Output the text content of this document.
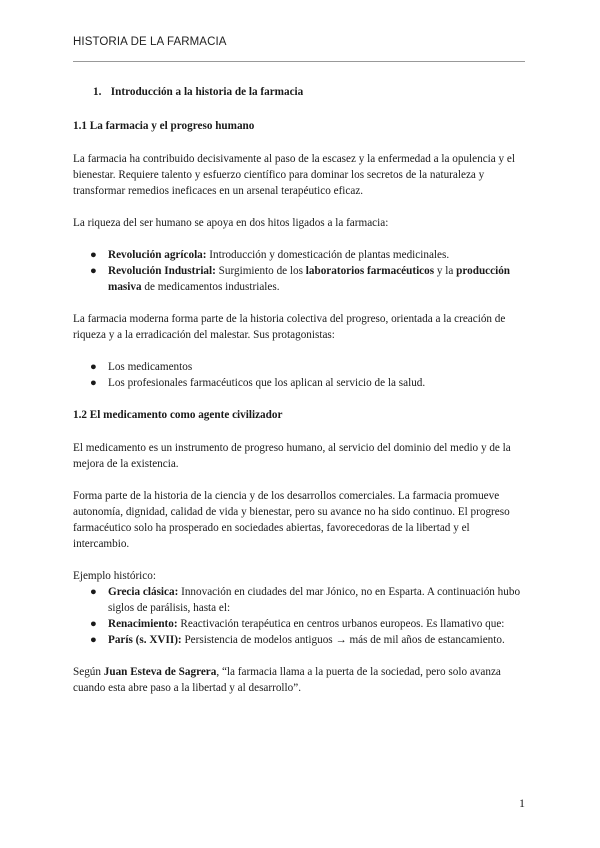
HISTORIA DE LA FARMACIA
1. Introducción a la historia de la farmacia
1.1 La farmacia y el progreso humano

La farmacia ha contribuido decisivamente al paso de la escasez y la enfermedad a la opulencia y el bienestar. Requiere talento y esfuerzo científico para dominar los secretos de la naturaleza y transformar remedios ineficaces en un arsenal terapéutico eficaz.

La riqueza del ser humano se apoya en dos hitos ligados a la farmacia:

● Revolución agrícola: Introducción y domesticación de plantas medicinales.
● Revolución Industrial: Surgimiento de los laboratorios farmacéuticos y la producción masiva de medicamentos industriales.

La farmacia moderna forma parte de la historia colectiva del progreso, orientada a la creación de riqueza y a la erradicación del malestar. Sus protagonistas:

● Los medicamentos
● Los profesionales farmacéuticos que los aplican al servicio de la salud.
1.2 El medicamento como agente civilizador

El medicamento es un instrumento de progreso humano, al servicio del dominio del medio y de la mejora de la existencia.

Forma parte de la historia de la ciencia y de los desarrollos comerciales. La farmacia promueve autonomía, dignidad, calidad de vida y bienestar, pero su avance no ha sido continuo. El progreso farmacéutico solo ha prosperado en sociedades abiertas, favorecedoras de la libertad y el intercambio.

Ejemplo histórico:

● Grecia clásica: Innovación en ciudades del mar Jónico, no en Esparta. A continuación hubo siglos de parálisis, hasta el:
● Renacimiento: Reactivación terapéutica en centros urbanos europeos. Es llamativo que:
● París (s. XVII): Persistencia de modelos antiguos → más de mil años de estancamiento.

Según Juan Esteva de Sagrera, “la farmacia llama a la puerta de la sociedad, pero solo avanza cuando esta abre paso a la libertad y al desarrollo”.

1
